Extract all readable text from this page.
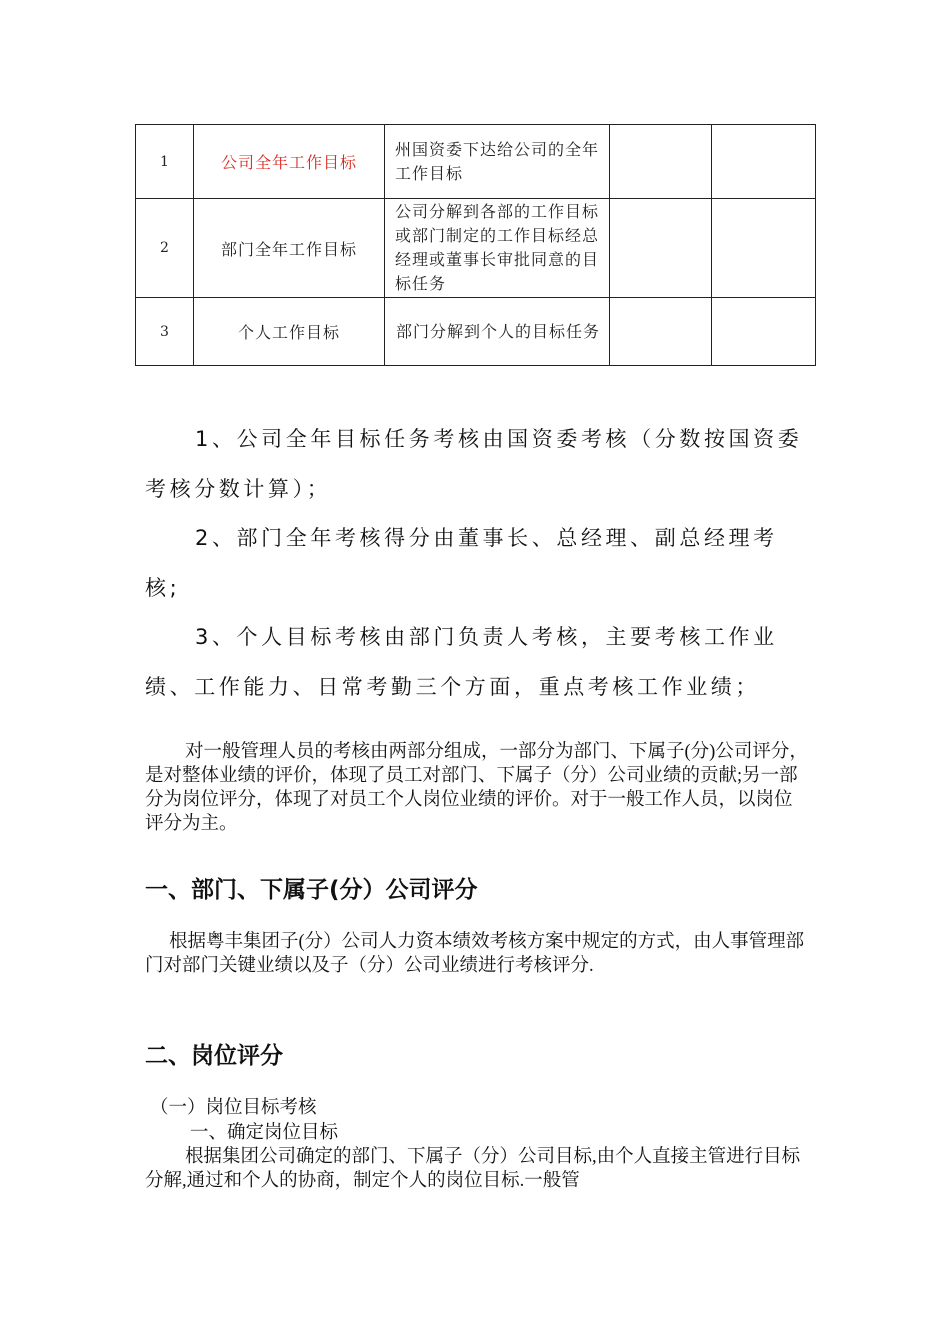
1	公司全年工作目标	州国资委下达给公司的全年工作目标		
2	部门全年工作目标	公司分解到各部的工作目标或部门制定的工作目标经总经理或董事长审批同意的目标任务		
3	个人工作目标	部门分解到个人的目标任务		

1、公司全年目标任务考核由国资委考核（分数按国资委考核分数计算）；

2、部门全年考核得分由董事长、总经理、副总经理考核;

3、个人目标考核由部门负责人考核，主要考核工作业绩、工作能力、日常考勤三个方面，重点考核工作业绩；

对一般管理人员的考核由两部分组成，一部分为部门、下属子(分)公司评分，是对整体业绩的评价，体现了员工对部门、下属子（分）公司业绩的贡献;另一部分为岗位评分，体现了对员工个人岗位业绩的评价。对于一般工作人员，以岗位评分为主。

一、部门、下属子(分）公司评分

根据粤丰集团子(分）公司人力资本绩效考核方案中规定的方式，由人事管理部门对部门关键业绩以及子（分）公司业绩进行考核评分.

二、岗位评分

（一）岗位目标考核

一、确定岗位目标

根据集团公司确定的部门、下属子（分）公司目标,由个人直接主管进行目标分解,通过和个人的协商，制定个人的岗位目标.一般管
